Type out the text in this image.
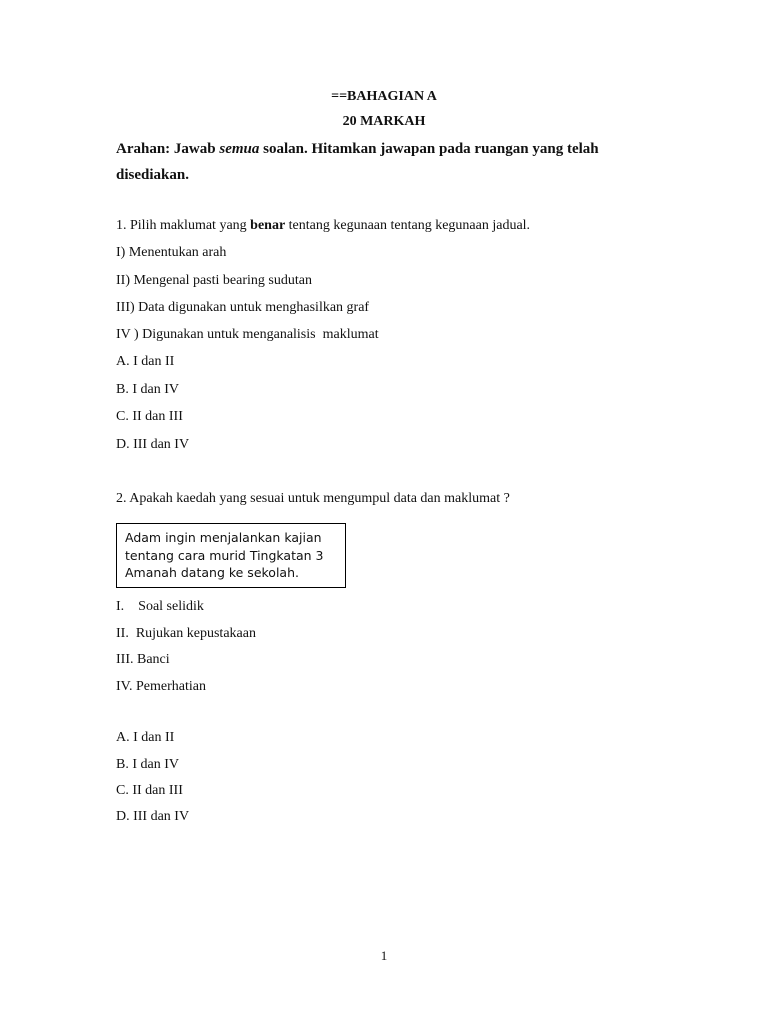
==BAHAGIAN A
20 MARKAH
Arahan: Jawab semua soalan. Hitamkan jawapan pada ruangan yang telah
disediakan.
1. Pilih maklumat yang benar tentang kegunaan tentang kegunaan jadual.
I) Menentukan arah
II) Mengenal pasti bearing sudutan
III) Data digunakan untuk menghasilkan graf
IV ) Digunakan untuk menganalisis  maklumat
A. I dan II
B. I dan IV
C. II dan III
D. III dan IV
2. Apakah kaedah yang sesuai untuk mengumpul data dan maklumat ?
Adam ingin menjalankan kajian
tentang cara murid Tingkatan 3
Amanah datang ke sekolah.
I.    Soal selidik
II.  Rujukan kepustakaan
III. Banci
IV. Pemerhatian
A. I dan II
B. I dan IV
C. II dan III
D. III dan IV
1
